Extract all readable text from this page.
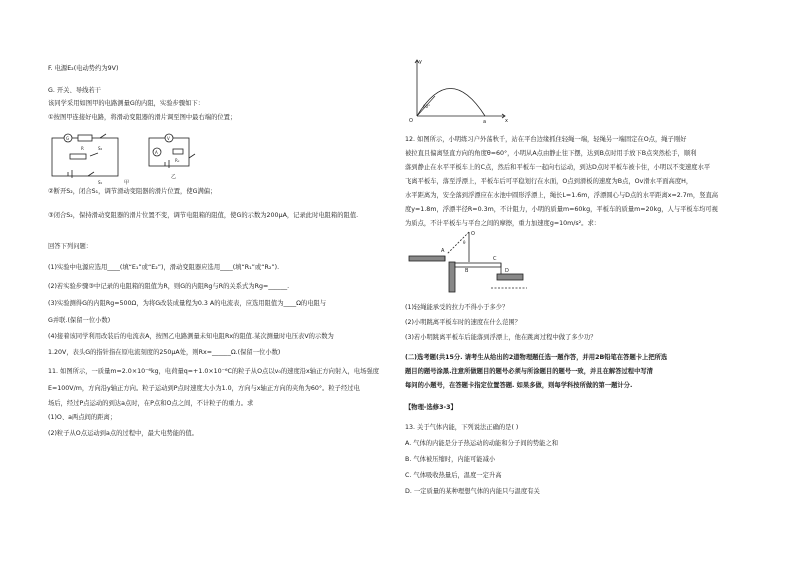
F. 电源E₂(电动势约为9V)
G. 开关、导线若干
该同学采用如图甲的电路测量G的内阻，实验步骤如下：
①按图甲连接好电路，将滑动变阻器的滑片调至图中最右端的位置；
G
R	S₂
S₁	甲
V
A
Rₓ
乙
②断开S₂，闭合S₁，调节滑动变阻器的滑片位置，使G满偏；
③闭合S₂，保持滑动变阻器的滑片位置不变，调节电阻箱的阻值，使G的示数为200μA，记录此时电阻箱的阻值.
回答下列问题：
(1)实验中电源应选用____(填“E₁”或“E₂”)，滑动变阻器应选用____(填“R₁”或“R₂”).
(2)若实验步骤③中记录的电阻箱的阻值为R，则G的内阻Rg与R的关系式为Rg=______.
(3)实验测得G的内阻Rg=500Ω，为将G改装成量程为0.3 A的电流表，应选用阻值为____Ω的电阻与
G并联.(保留一位小数)
(4)接着该同学利用改装后的电流表A，按图乙电路测量未知电阻Rx的阻值.某次测量时电压表V的示数为
1.20V，表头G的指针指在原电流刻度的250μA处，则Rx=______Ω.(保留一位小数)
11. 如图所示，一质量m=2.0×10⁻⁶kg，电荷量q=+1.0×10⁻⁶C的粒子从O点以v₀的速度沿x轴正方向射入，电场强度
E=100V/m，方向沿y轴正方向。粒子运动到P点时速度大小为1.0，方向与x轴正方向的夹角为60°。粒子经过电
场后，经过P点运动的到达a点时，在P点和O点之间，不计粒子的重力。求
(1)O、a两点间的距离；
(2)粒子从O点运动到a点的过程中，最大电势能的值。
y
x
O	a
60°
12. 如图所示，小明练习户外荡秋千，站在平台边缘抓住轻绳一端，轻绳另一端固定在O点，绳子刚好
被拉直且偏离竖直方向的角度θ=60°，小明从A点由静止往下摆，达到B点时用手放下B点突然松手，顺利
落到静止在水平平板车上的C点，然后和平板车一起向右运动，到达D点时平板车被卡住，小明以不变速度水平
飞离平板车，落至浮漂上，平板车后可平稳划行在水面，O点到滑板的速度为B点，Ov滑水平面高度H，
水平距离为，安全落到浮漂应在水池中圆形浮漂上，绳长L=1.6m，浮漂圆心与D点的水平距离x=2.7m，竖直高
度y=1.8m，浮漂半径R=0.3m，不计阻力，小明的质量m=60kg，平板车的质量m=20kg，人与平板车均可视
为质点，不计平板车与平台之间的摩擦，重力加速度g=10m/s²。求：
O
θ
A
B
C
D
(1)轻绳能承受的拉力不得小于多少？
(2)小明跳离平板车时的速度在什么范围？
(3)若小明跳离平板车后能落到浮漂上，他在跳离过程中做了多少功？
(二)选考题(共15分. 请考生从给出的2道物理题任选一题作答，并用2B铅笔在答题卡上把所选
题目的题号涂黑.注意所做题目的题号必须与所涂题目的题号一致，并且在解答过程中写清
每问的小题号，在答题卡指定位置答题. 如果多做，则每学科按所做的第一题计分.
【物理-选修3-3】
13. 关于气体内能，下列说法正确的是( )
A. 气体的内能是分子热运动的动能和分子间的势能之和
B. 气体被压缩时，内能可能减小
C. 气体吸收热量后，温度一定升高
D. 一定质量的某种理想气体的内能只与温度有关
